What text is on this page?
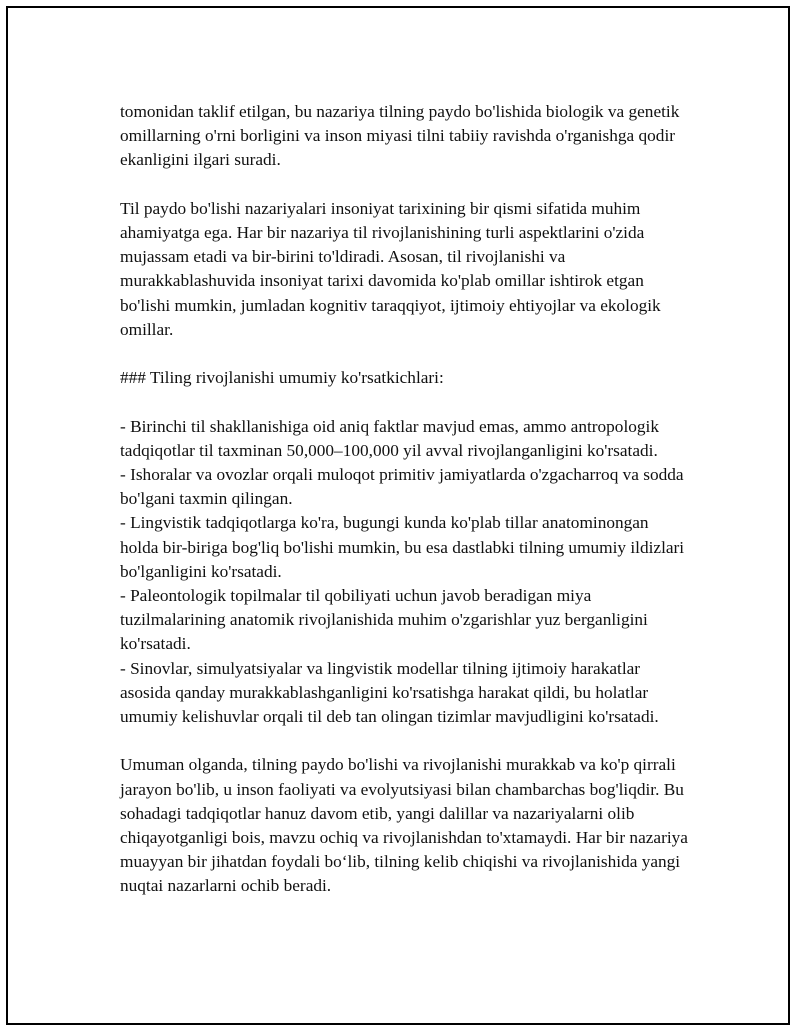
tomonidan taklif etilgan, bu nazariya tilning paydo bo'lishida biologik va genetik omillarning o'rni borligini va inson miyasi tilni tabiiy ravishda o'rganishga qodir ekanligini ilgari suradi.

Til paydo bo'lishi nazariyalari insoniyat tarixining bir qismi sifatida muhim ahamiyatga ega. Har bir nazariya til rivojlanishining turli aspektlarini o'zida mujassam etadi va bir-birini to'ldiradi. Asosan, til rivojlanishi va murakkablashuvida insoniyat tarixi davomida ko'plab omillar ishtirok etgan bo'lishi mumkin, jumladan kognitiv taraqqiyot, ijtimoiy ehtiyojlar va ekologik omillar.

### Tiling rivojlanishi umumiy ko'rsatkichlari:

- Birinchi til shakllanishiga oid aniq faktlar mavjud emas, ammo antropologik tadqiqotlar til taxminan 50,000–100,000 yil avval rivojlanganligini ko'rsatadi.
- Ishoralar va ovozlar orqali muloqot primitiv jamiyatlarda o'zgacharroq va sodda bo'lgani taxmin qilingan.
- Lingvistik tadqiqotlarga ko'ra, bugungi kunda ko'plab tillar anatominongan holda bir-biriga bog'liq bo'lishi mumkin, bu esa dastlabki tilning umumiy ildizlari bo'lganligini ko'rsatadi.
- Paleontologik topilmalar til qobiliyati uchun javob beradigan miya tuzilmalarining anatomik rivojlanishida muhim o'zgarishlar yuz berganligini ko'rsatadi.
- Sinovlar, simulyatsiyalar va lingvistik modellar tilning ijtimoiy harakatlar asosida qanday murakkablashganligini ko'rsatishga harakat qildi, bu holatlar umumiy kelishuvlar orqali til deb tan olingan tizimlar mavjudligini ko'rsatadi.

Umuman olganda, tilning paydo bo'lishi va rivojlanishi murakkab va ko'p qirrali jarayon bo'lib, u inson faoliyati va evolyutsiyasi bilan chambarchas bog'liqdir. Bu sohadagi tadqiqotlar hanuz davom etib, yangi dalillar va nazariyalarni olib chiqayotganligi bois, mavzu ochiq va rivojlanishdan to'xtamaydi. Har bir nazariya muayyan bir jihatdan foydali bo‘lib, tilning kelib chiqishi va rivojlanishida yangi nuqtai nazarlarni ochib beradi.
